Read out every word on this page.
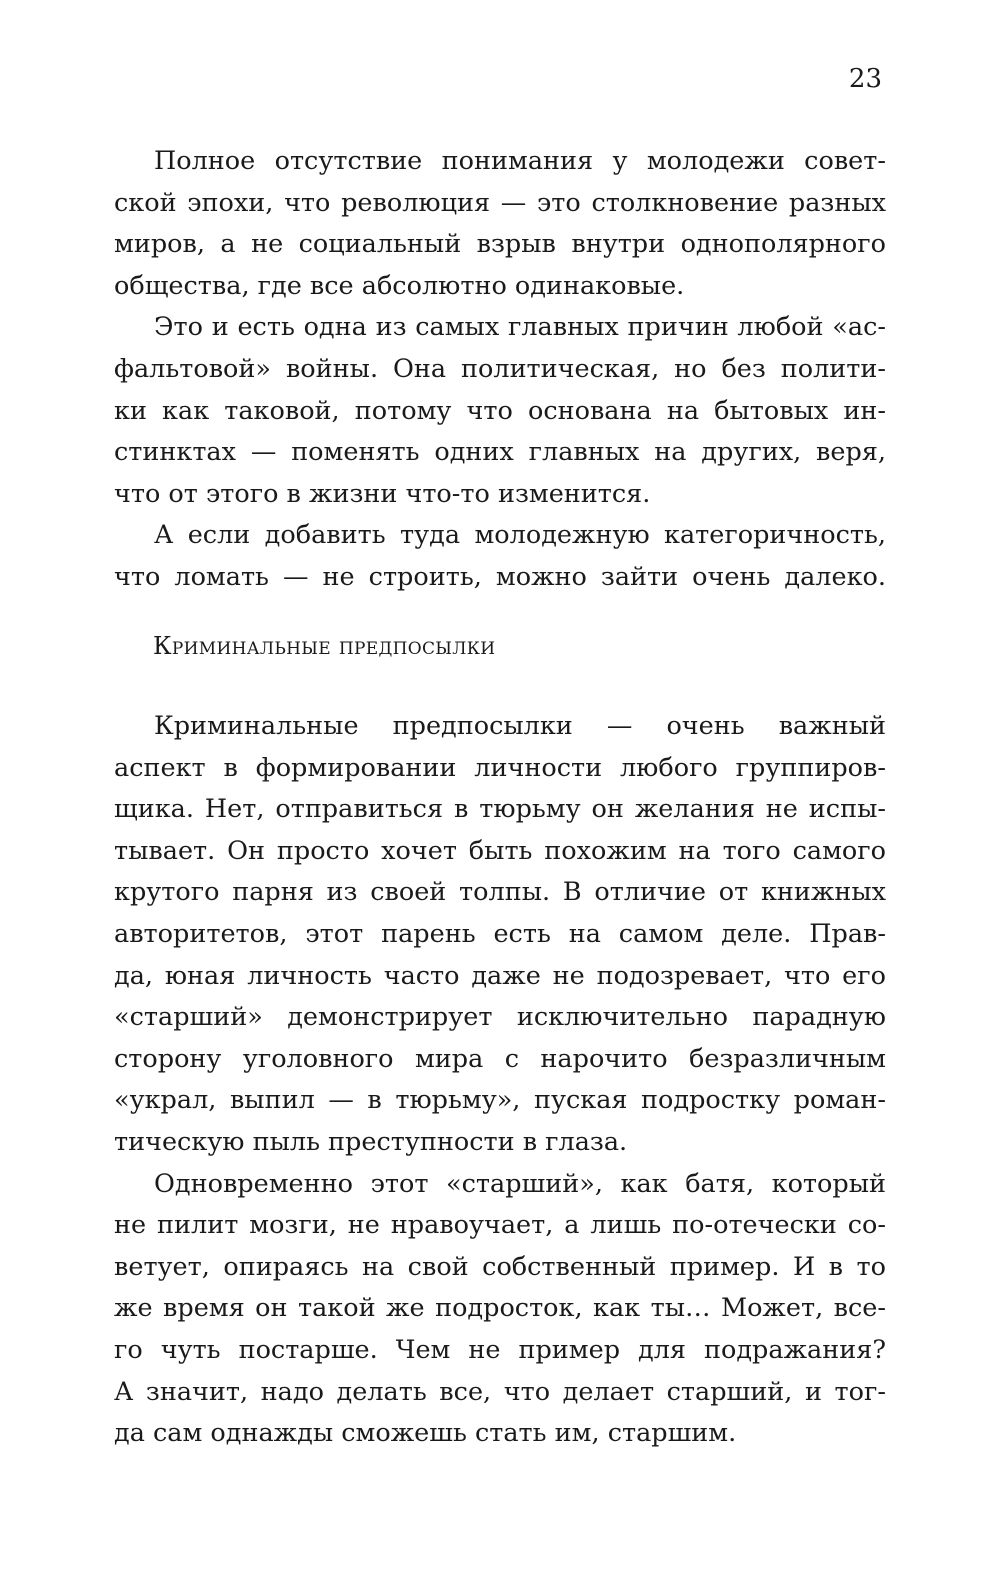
23
Полное отсутствие понимания у молодежи совет-
ской эпохи, что революция — это столкновение разных
миров, а не социальный взрыв внутри однополярного
общества, где все абсолютно одинаковые.
Это и есть одна из самых главных причин любой «ас-
фальтовой» войны. Она политическая, но без полити-
ки как таковой, потому что основана на бытовых ин-
стинктах — поменять одних главных на других, веря,
что от этого в жизни что-то изменится.
А если добавить туда молодежную категоричность,
что ломать — не строить, можно зайти очень далеко.
Криминальные предпосылки
Криминальные предпосылки — очень важный
аспект в формировании личности любого группиров-
щика. Нет, отправиться в тюрьму он желания не испы-
тывает. Он просто хочет быть похожим на того самого
крутого парня из своей толпы. В отличие от книжных
авторитетов, этот парень есть на самом деле. Прав-
да, юная личность часто даже не подозревает, что его
«старший» демонстрирует исключительно парадную
сторону уголовного мира с нарочито безразличным
«украл, выпил — в тюрьму», пуская подростку роман-
тическую пыль преступности в глаза.
Одновременно этот «старший», как батя, который
не пилит мозги, не нравоучает, а лишь по-отечески со-
ветует, опираясь на свой собственный пример. И в то
же время он такой же подросток, как ты… Может, все-
го чуть постарше. Чем не пример для подражания?
А значит, надо делать все, что делает старший, и тог-
да сам однажды сможешь стать им, старшим.
